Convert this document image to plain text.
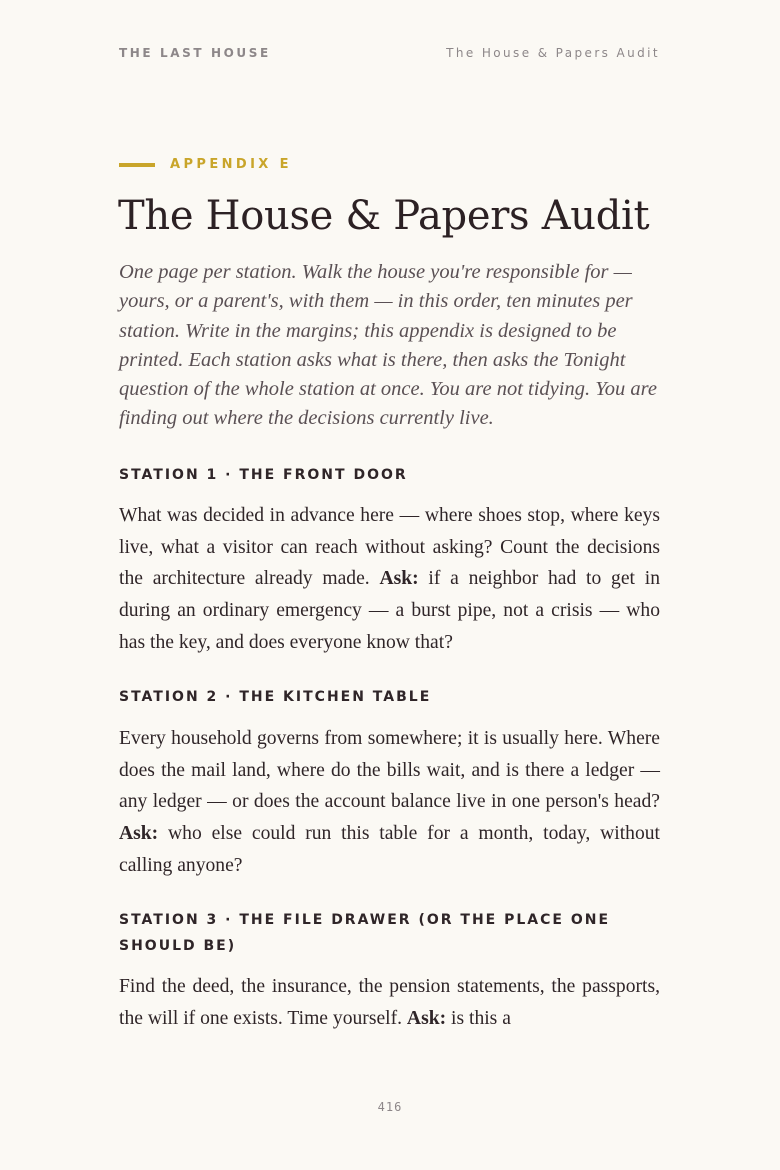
THE LAST HOUSE	The House & Papers Audit
APPENDIX E
The House & Papers Audit

One page per station. Walk the house you're responsible for — yours, or a parent's, with them — in this order, ten minutes per station. Write in the margins; this appendix is designed to be printed. Each station asks what is there, then asks the Tonight question of the whole station at once. You are not tidying. You are finding out where the decisions currently live.

STATION 1 · THE FRONT DOOR

What was decided in advance here — where shoes stop, where keys live, what a visitor can reach without asking? Count the decisions the architecture already made. Ask: if a neighbor had to get in during an ordinary emergency — a burst pipe, not a crisis — who has the key, and does everyone know that?

STATION 2 · THE KITCHEN TABLE

Every household governs from somewhere; it is usually here. Where does the mail land, where do the bills wait, and is there a ledger — any ledger — or does the account balance live in one person's head? Ask: who else could run this table for a month, today, without calling anyone?

STATION 3 · THE FILE DRAWER (OR THE PLACE ONE SHOULD BE)

Find the deed, the insurance, the pension statements, the passports, the will if one exists. Time yourself. Ask: is this a

416
